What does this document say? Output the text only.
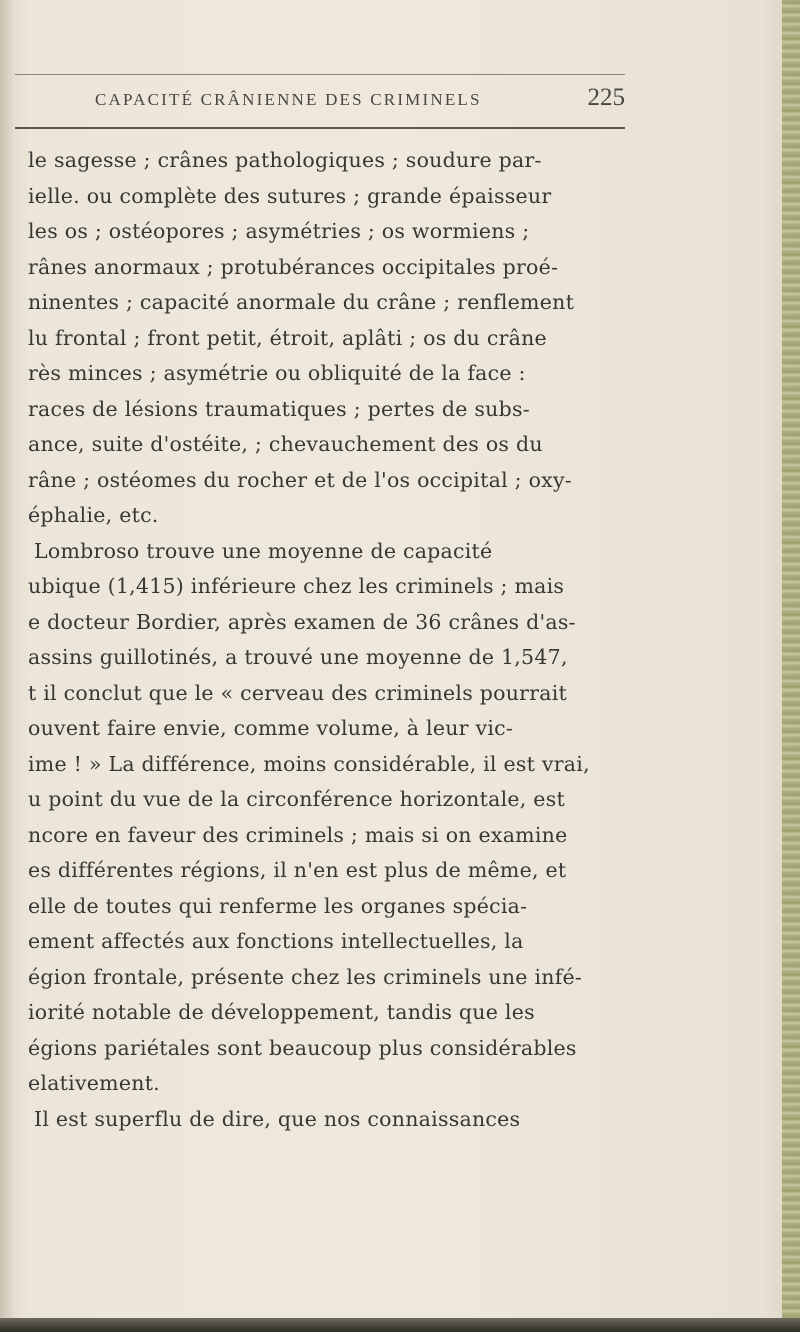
CAPACITÉ CRÂNIENNE DES CRIMINELS	225
le sagesse ; crânes pathologiques ; soudure par-
ielle. ou complète des sutures ; grande épaisseur
les os ; ostéopores ; asymétries ; os wormiens ;
rânes anormaux ; protubérances occipitales proé-
ninentes ; capacité anormale du crâne ; renflement
lu frontal ; front petit, étroit, aplâti ; os du crâne
rès minces ; asymétrie ou obliquité de la face :
races de lésions traumatiques ; pertes de subs-
ance, suite d'ostéite, ; chevauchement des os du
râne ; ostéomes du rocher et de l'os occipital ; oxy-
éphalie, etc.
Lombroso trouve une moyenne de capacité
ubique (1,415) inférieure chez les criminels ; mais
e docteur Bordier, après examen de 36 crânes d'as-
assins guillotinés, a trouvé une moyenne de 1,547,
t il conclut que le « cerveau des criminels pourrait
ouvent faire envie, comme volume, à leur vic-
ime ! » La différence, moins considérable, il est vrai,
u point du vue de la circonférence horizontale, est
ncore en faveur des criminels ; mais si on examine
es différentes régions, il n'en est plus de même, et
elle de toutes qui renferme les organes spécia-
ement affectés aux fonctions intellectuelles, la
égion frontale, présente chez les criminels une infé-
iorité notable de développement, tandis que les
égions pariétales sont beaucoup plus considérables
elativement.
Il est superflu de dire, que nos connaissances
